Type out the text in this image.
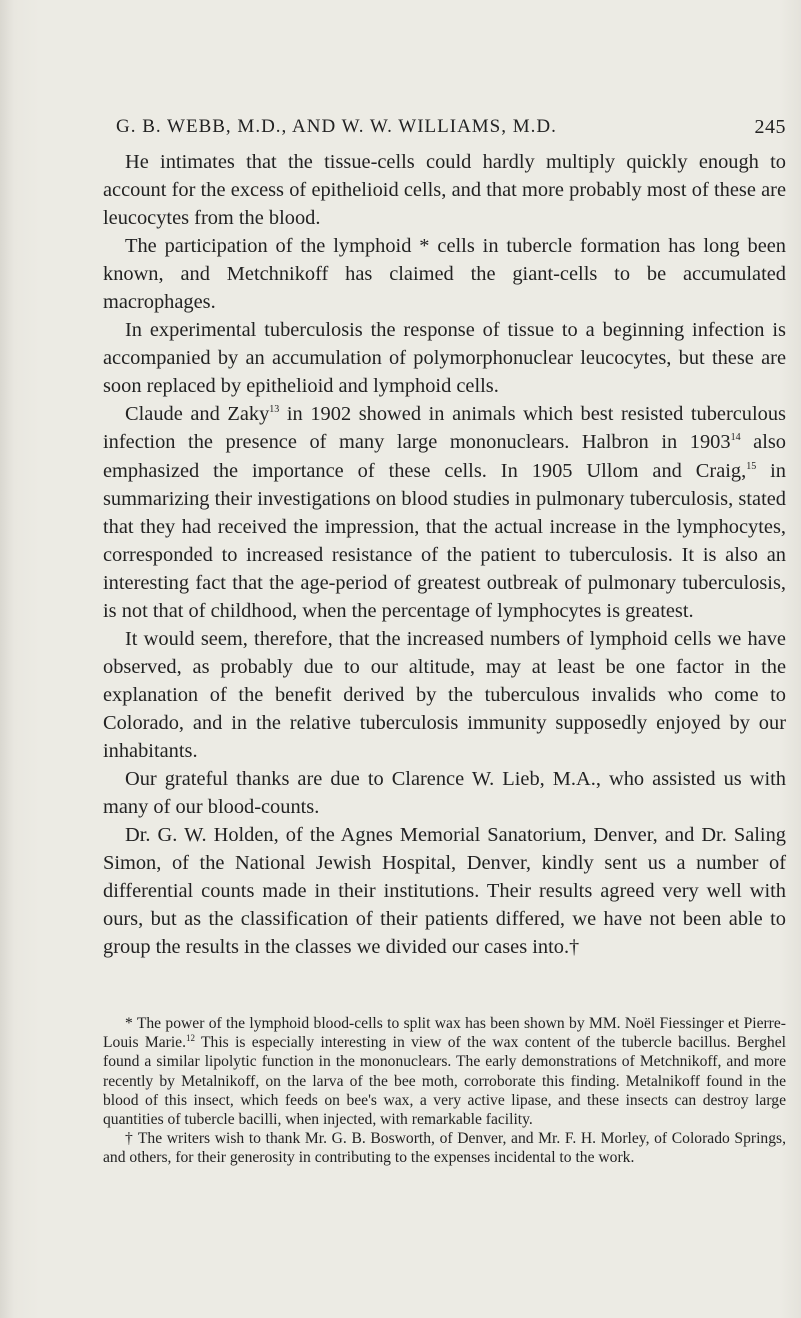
G. B. WEBB, M.D., AND W. W. WILLIAMS, M.D.	245

He intimates that the tissue-cells could hardly multiply quickly enough to account for the excess of epithelioid cells, and that more probably most of these are leucocytes from the blood.

The participation of the lymphoid * cells in tubercle formation has long been known, and Metchnikoff has claimed the giant-cells to be accumulated macrophages.

In experimental tuberculosis the response of tissue to a beginning infection is accompanied by an accumulation of polymorphonuclear leucocytes, but these are soon replaced by epithelioid and lymphoid cells.

Claude and Zaky$^{13}$ in 1902 showed in animals which best resisted tuberculous infection the presence of many large mononuclears. Halbron in 1903$^{14}$ also emphasized the importance of these cells. In 1905 Ullom and Craig,$^{15}$ in summarizing their investigations on blood studies in pulmonary tuberculosis, stated that they had received the impression, that the actual increase in the lymphocytes, corresponded to increased resistance of the patient to tuberculosis. It is also an interesting fact that the age-period of greatest outbreak of pulmonary tuberculosis, is not that of childhood, when the percentage of lymphocytes is greatest.

It would seem, therefore, that the increased numbers of lymphoid cells we have observed, as probably due to our altitude, may at least be one factor in the explanation of the benefit derived by the tuberculous invalids who come to Colorado, and in the relative tuberculosis immunity supposedly enjoyed by our inhabitants.

Our grateful thanks are due to Clarence W. Lieb, M.A., who assisted us with many of our blood-counts.

Dr. G. W. Holden, of the Agnes Memorial Sanatorium, Denver, and Dr. Saling Simon, of the National Jewish Hospital, Denver, kindly sent us a number of differential counts made in their institutions. Their results agreed very well with ours, but as the classification of their patients differed, we have not been able to group the results in the classes we divided our cases into.†

* The power of the lymphoid blood-cells to split wax has been shown by MM. Noël Fiessinger et Pierre-Louis Marie.$^{12}$ This is especially interesting in view of the wax content of the tubercle bacillus. Berghel found a similar lipolytic function in the mononuclears. The early demonstrations of Metchnikoff, and more recently by Metalnikoff, on the larva of the bee moth, corroborate this finding. Metalnikoff found in the blood of this insect, which feeds on bee's wax, a very active lipase, and these insects can destroy large quantities of tubercle bacilli, when injected, with remarkable facility.

† The writers wish to thank Mr. G. B. Bosworth, of Denver, and Mr. F. H. Morley, of Colorado Springs, and others, for their generosity in contributing to the expenses incidental to the work.
